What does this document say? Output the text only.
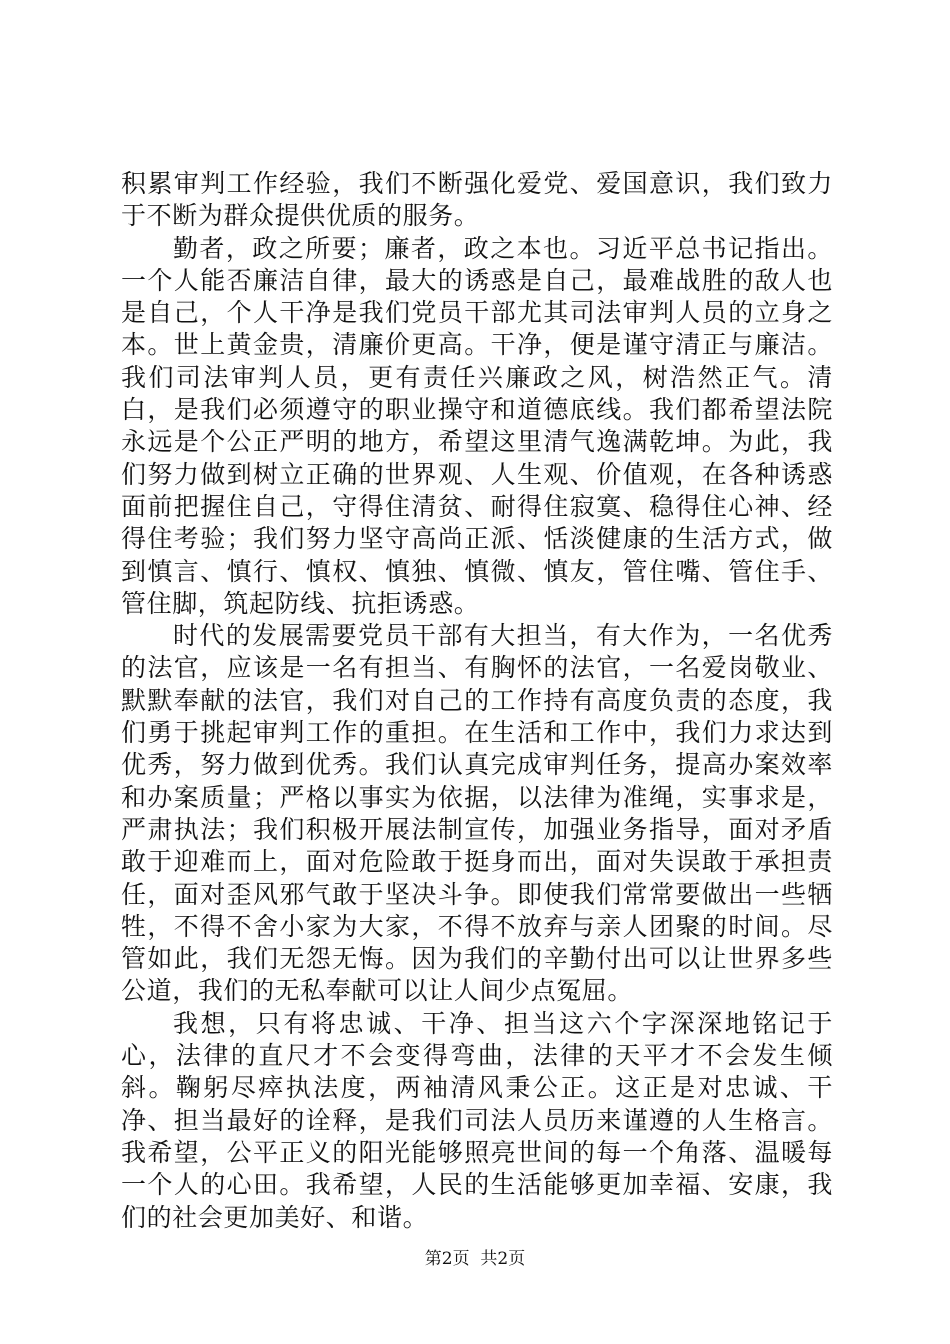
积累审判工作经验，我们不断强化爱党、爱国意识，我们致力于不断为群众提供优质的服务。

勤者，政之所要；廉者，政之本也。习近平总书记指出。一个人能否廉洁自律，最大的诱惑是自己，最难战胜的敌人也是自己，个人干净是我们党员干部尤其司法审判人员的立身之本。世上黄金贵，清廉价更高。干净，便是谨守清正与廉洁。我们司法审判人员，更有责任兴廉政之风，树浩然正气。清白，是我们必须遵守的职业操守和道德底线。我们都希望法院永远是个公正严明的地方，希望这里清气逸满乾坤。为此，我们努力做到树立正确的世界观、人生观、价值观，在各种诱惑面前把握住自己，守得住清贫、耐得住寂寞、稳得住心神、经得住考验；我们努力坚守高尚正派、恬淡健康的生活方式，做到慎言、慎行、慎权、慎独、慎微、慎友，管住嘴、管住手、管住脚，筑起防线、抗拒诱惑。

时代的发展需要党员干部有大担当，有大作为，一名优秀的法官，应该是一名有担当、有胸怀的法官，一名爱岗敬业、默默奉献的法官，我们对自己的工作持有高度负责的态度，我们勇于挑起审判工作的重担。在生活和工作中，我们力求达到优秀，努力做到优秀。我们认真完成审判任务，提高办案效率和办案质量；严格以事实为依据，以法律为准绳，实事求是，严肃执法；我们积极开展法制宣传，加强业务指导，面对矛盾敢于迎难而上，面对危险敢于挺身而出，面对失误敢于承担责任，面对歪风邪气敢于坚决斗争。即使我们常常要做出一些牺牲，不得不舍小家为大家，不得不放弃与亲人团聚的时间。尽管如此，我们无怨无悔。因为我们的辛勤付出可以让世界多些公道，我们的无私奉献可以让人间少点冤屈。

我想，只有将忠诚、干净、担当这六个字深深地铭记于心，法律的直尺才不会变得弯曲，法律的天平才不会发生倾斜。鞠躬尽瘁执法度，两袖清风秉公正。这正是对忠诚、干净、担当最好的诠释，是我们司法人员历来谨遵的人生格言。我希望，公平正义的阳光能够照亮世间的每一个角落、温暖每一个人的心田。我希望，人民的生活能够更加幸福、安康，我们的社会更加美好、和谐。

第2页  共2页
